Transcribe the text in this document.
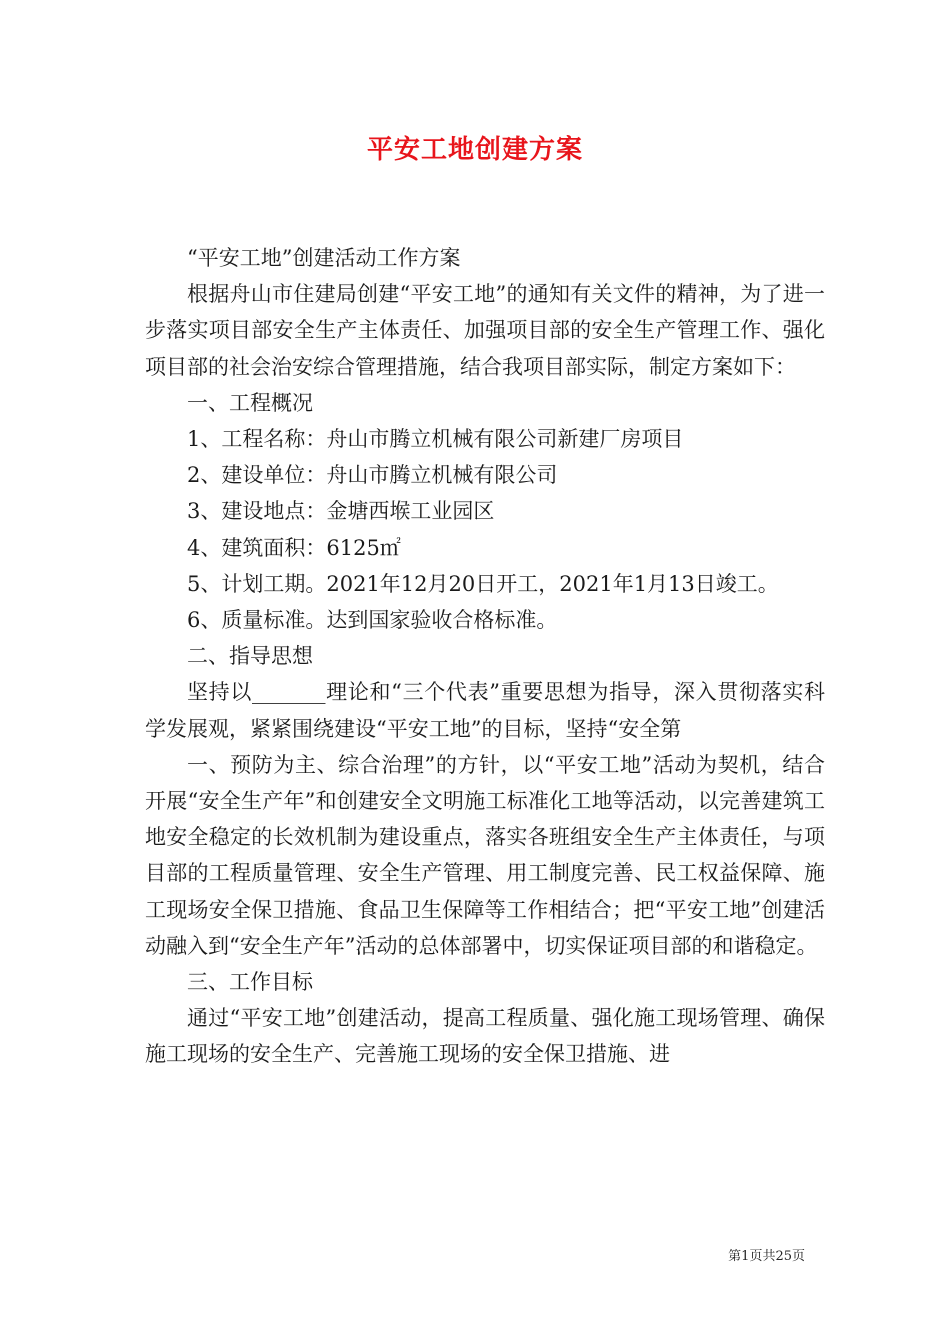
平安工地创建方案

“平安工地”创建活动工作方案

根据舟山市住建局创建“平安工地”的通知有关文件的精神，为了进一步落实项目部安全生产主体责任、加强项目部的安全生产管理工作、强化项目部的社会治安综合管理措施，结合我项目部实际，制定方案如下：

一、工程概况

1、工程名称：舟山市腾立机械有限公司新建厂房项目

2、建设单位：舟山市腾立机械有限公司

3、建设地点：金塘西堠工业园区

4、建筑面积：6125㎡

5、计划工期。2021年12月20日开工，2021年1月13日竣工。

6、质量标准。达到国家验收合格标准。

二、指导思想

坚持以_______理论和“三个代表”重要思想为指导，深入贯彻落实科学发展观，紧紧围绕建设“平安工地”的目标，坚持“安全第

一、预防为主、综合治理”的方针，以“平安工地”活动为契机，结合开展“安全生产年”和创建安全文明施工标准化工地等活动，以完善建筑工地安全稳定的长效机制为建设重点，落实各班组安全生产主体责任，与项目部的工程质量管理、安全生产管理、用工制度完善、民工权益保障、施工现场安全保卫措施、食品卫生保障等工作相结合；把“平安工地”创建活动融入到“安全生产年”活动的总体部署中，切实保证项目部的和谐稳定。

三、工作目标

通过“平安工地”创建活动，提高工程质量、强化施工现场管理、确保施工现场的安全生产、完善施工现场的安全保卫措施、进

第1页共25页
